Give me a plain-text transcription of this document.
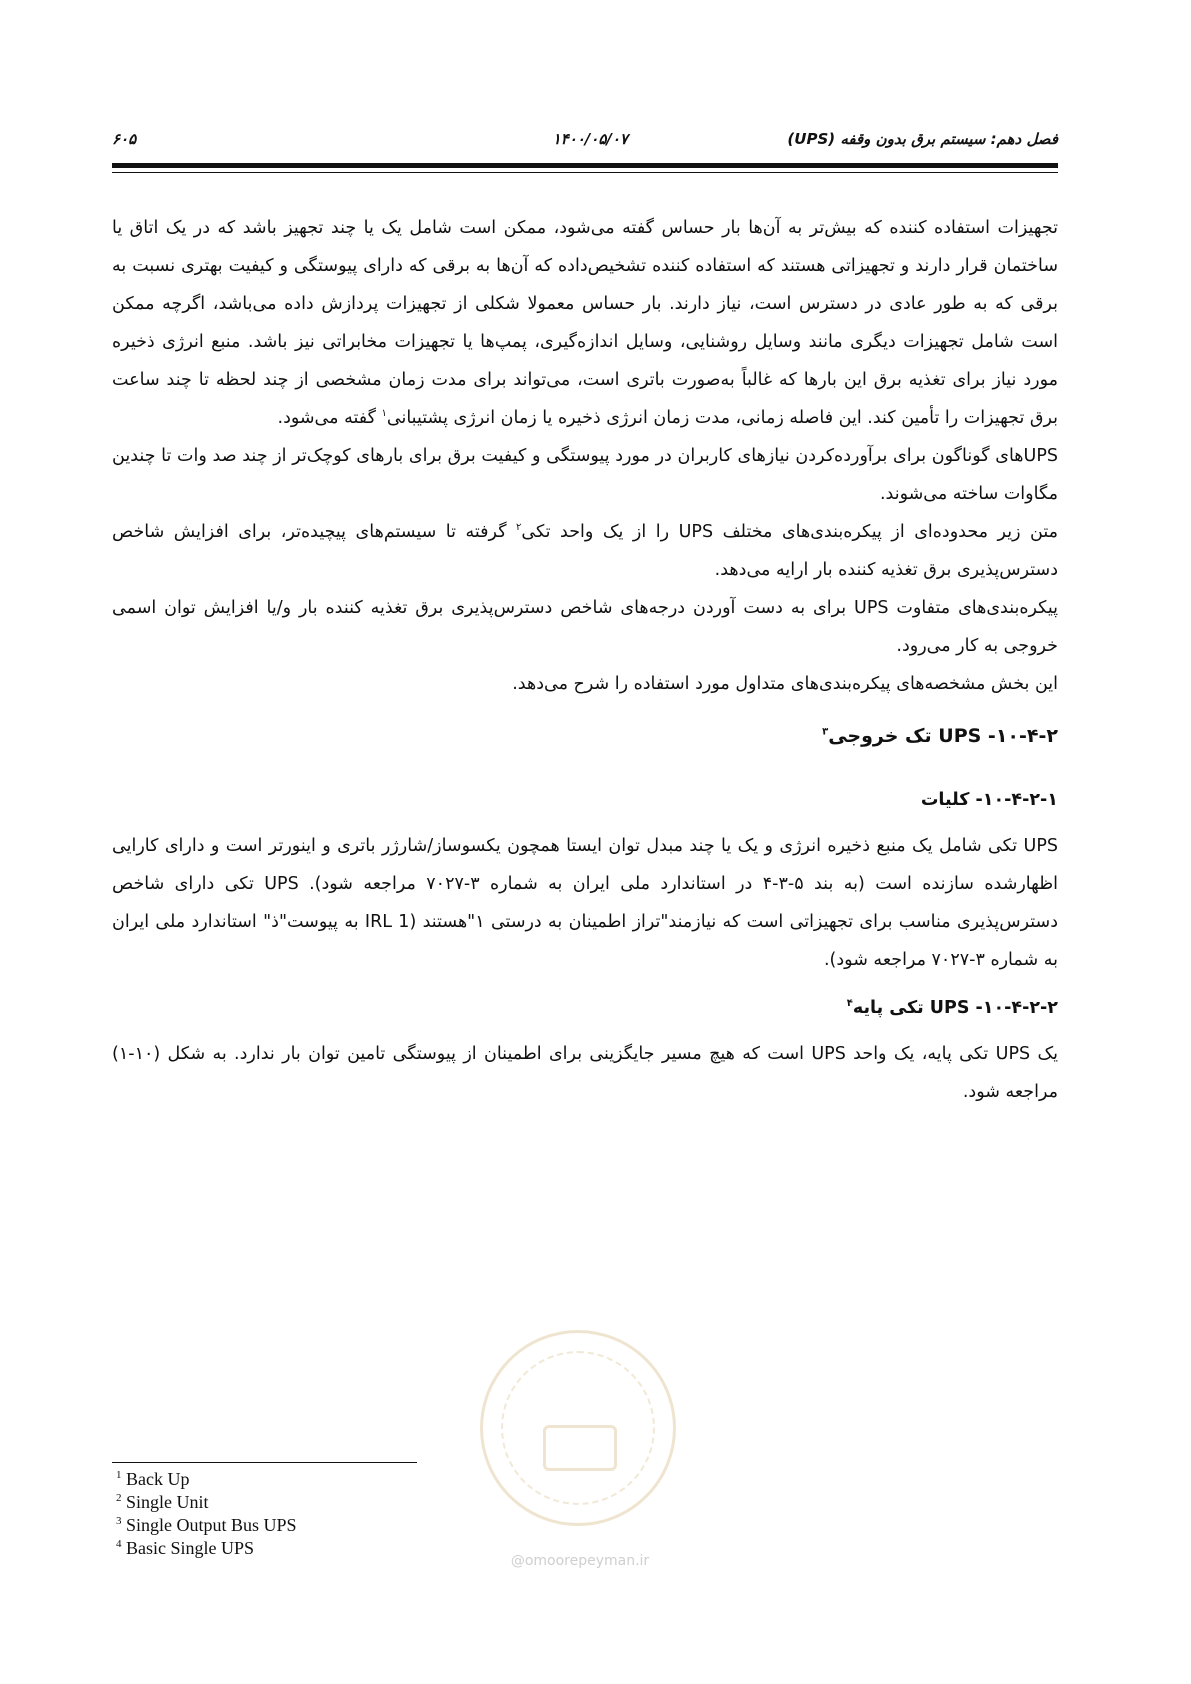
فصل دهم: سیستم برق بدون وقفه (UPS)
۱۴۰۰/۰۵/۰۷
۶۰۵

تجهیزات استفاده کننده که بیش‌تر به آن‌ها بار حساس گفته می‌شود، ممکن است شامل یک یا چند تجهیز باشد که در یک اتاق یا ساختمان قرار دارند و تجهیزاتی هستند که استفاده کننده تشخیص‌داده که آن‌ها به برقی که دارای پیوستگی و کیفیت بهتری نسبت به برقی که به طور عادی در دسترس است، نیاز دارند. بار حساس معمولا شکلی از تجهیزات پردازش داده می‌باشد، اگرچه ممکن است شامل تجهیزات دیگری مانند وسایل روشنایی، وسایل اندازه‌گیری، پمپ‌ها یا تجهیزات مخابراتی نیز باشد. منبع انرژی ذخیره مورد نیاز برای تغذیه برق این بارها که غالباً به‌صورت باتری است، می‌تواند برای مدت زمان مشخصی از چند لحظه تا چند ساعت برق تجهیزات را تأمین کند. این فاصله زمانی، مدت زمان انرژی ذخیره یا زمان انرژی پشتیبانی$^۱$ گفته می‌شود.

UPSهای گوناگون برای برآورده‌کردن نیازهای کاربران در مورد پیوستگی و کیفیت برق برای بارهای کوچک‌تر از چند صد وات تا چندین مگاوات ساخته می‌شوند.

متن زیر محدوده‌ای از پیکره‌بندی‌های مختلف UPS را از یک واحد تکی$^۲$ گرفته تا سیستم‌های پیچیده‌تر، برای افزایش شاخص دسترس‌پذیری برق تغذیه کننده بار ارایه می‌دهد.

پیکره‌بندی‌های متفاوت UPS برای به دست آوردن درجه‌های شاخص دسترس‌پذیری برق تغذیه کننده بار و/یا افزایش توان اسمی خروجی به کار می‌رود.

این بخش مشخصه‌های پیکره‌بندی‌های متداول مورد استفاده را شرح می‌دهد.

۱۰-۴-۲- UPS تک خروجی$^۳$

۱۰-۴-۲-۱- کلیات

UPS تکی شامل یک منبع ذخیره انرژی و یک یا چند مبدل توان ایستا همچون یکسوساز/شارژر باتری و اینورتر است و دارای کارایی اظهارشده سازنده است (به بند ۵-۳-۴ در استاندارد ملی ایران به شماره ۳-۷۰۲۷ مراجعه شود). UPS تکی دارای شاخص دسترس‌پذیری مناسب برای تجهیزاتی است که نیازمند"تراز اطمینان به درستی ۱"هستند (IRL 1 به پیوست"ذ" استاندارد ملی ایران به شماره ۳-۷۰۲۷ مراجعه شود).

۱۰-۴-۲-۲- UPS تکی پایه$^۴$

یک UPS تکی پایه، یک واحد UPS است که هیچ مسیر جایگزینی برای اطمینان از پیوستگی تامین توان بار ندارد. به شکل (۱۰-۱) مراجعه شود.

@omoorepeyman.ir
$^1$ Back Up
$^2$ Single Unit
$^3$ Single Output Bus UPS
$^4$ Basic Single UPS
